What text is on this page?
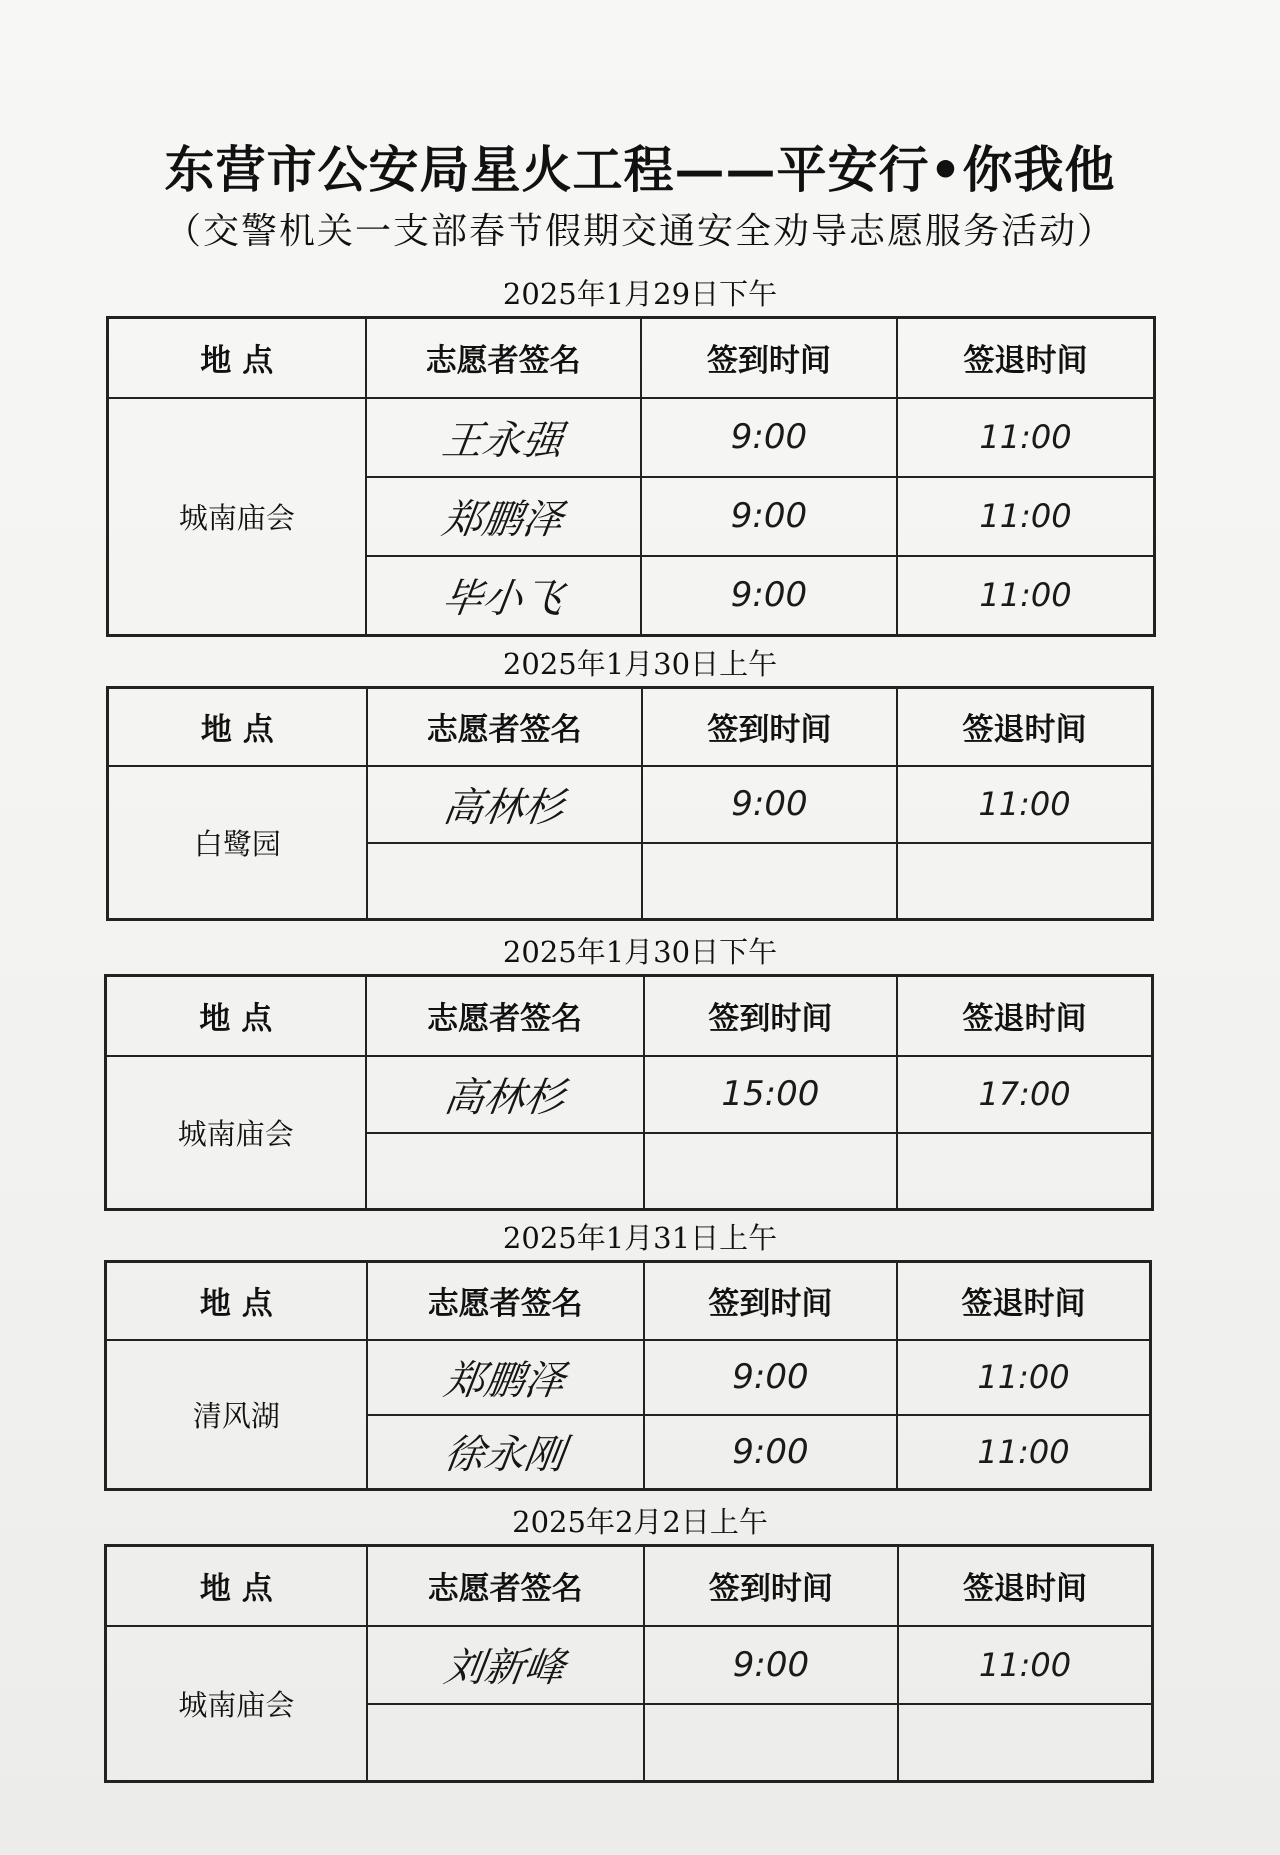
东营市公安局星火工程——平安行•你我他
（交警机关一支部春节假期交通安全劝导志愿服务活动）
2025年1月29日下午
地 点	志愿者签名	签到时间	签退时间
城南庙会	王永强	9:00	11:00
	郑鹏泽	9:00	11:00
	毕小飞	9:00	11:00
2025年1月30日上午
地 点	志愿者签名	签到时间	签退时间
白鹭园	高林杉	9:00	11:00

2025年1月30日下午
地 点	志愿者签名	签到时间	签退时间
城南庙会	高林杉	15:00	17:00

2025年1月31日上午
地 点	志愿者签名	签到时间	签退时间
清风湖	郑鹏泽	9:00	11:00
	徐永刚	9:00	11:00
2025年2月2日上午
地 点	志愿者签名	签到时间	签退时间
城南庙会	刘新峰	9:00	11:00
